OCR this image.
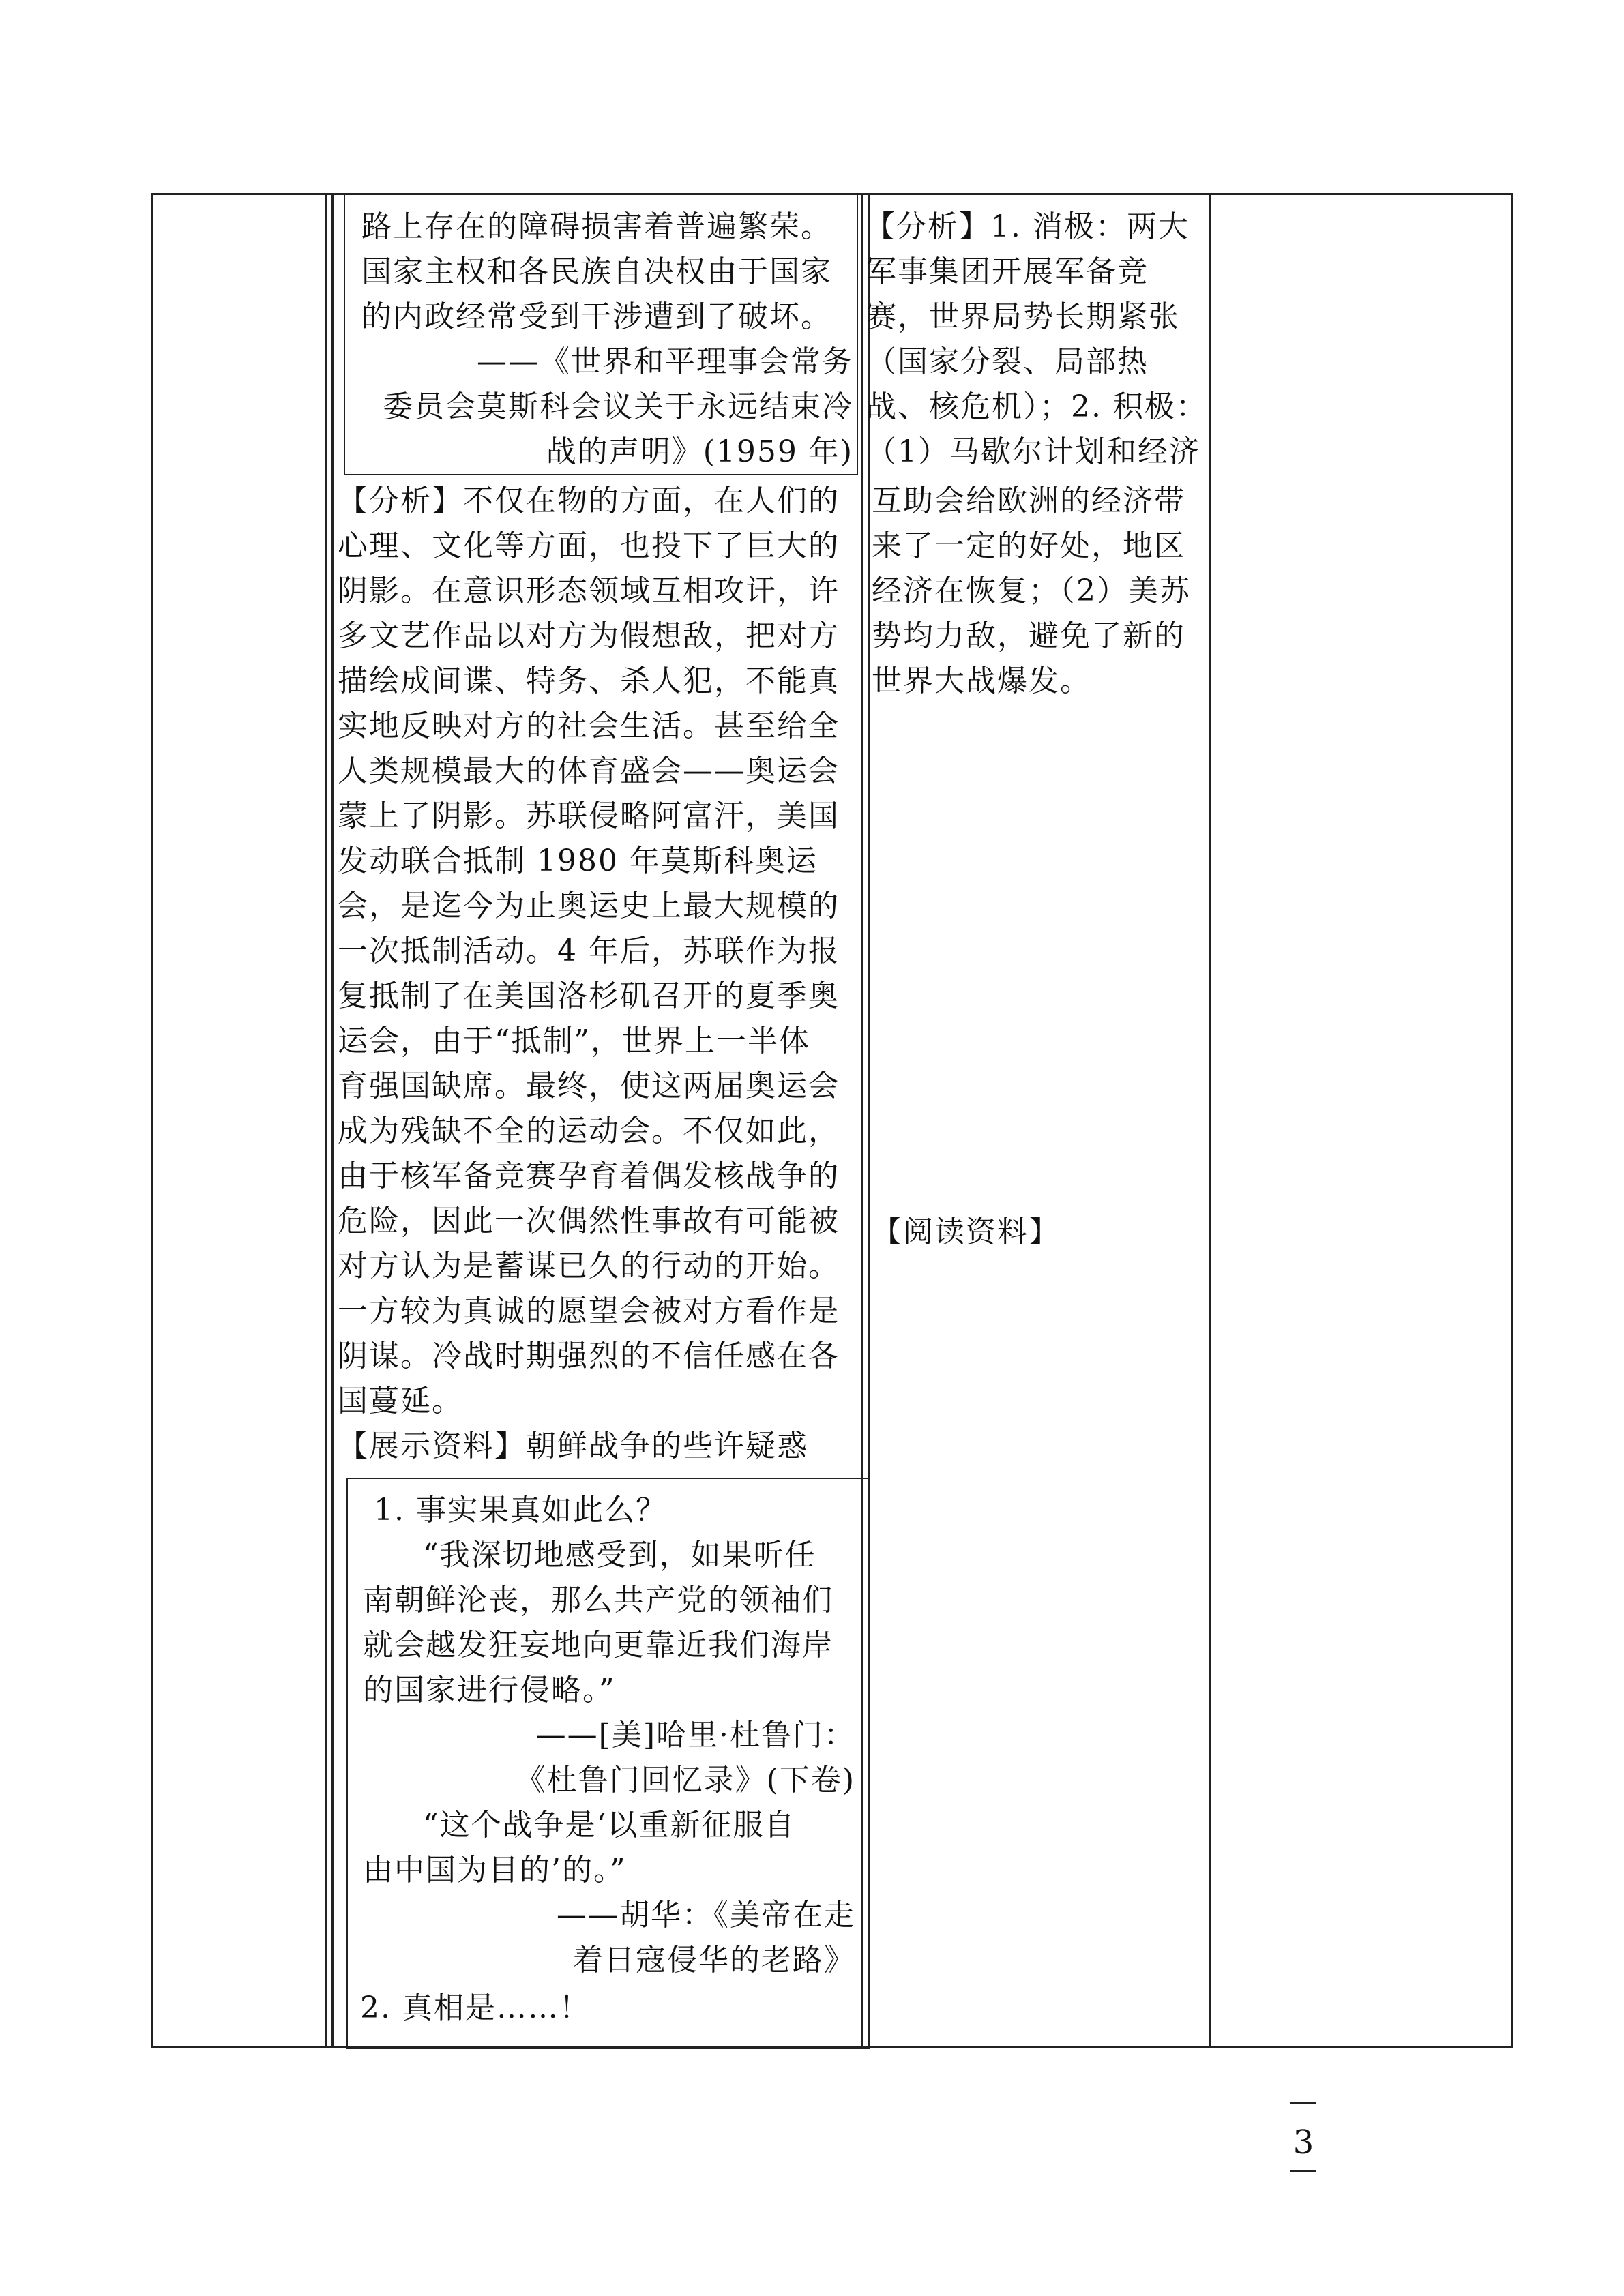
路上存在的障碍损害着普遍繁荣。
国家主权和各民族自决权由于国家
的内政经常受到干涉遭到了破坏。
——《世界和平理事会常务
委员会莫斯科会议关于永远结束冷
战的声明》(1959 年)
【分析】不仅在物的方面，在人们的
心理、文化等方面，也投下了巨大的
阴影。在意识形态领域互相攻讦，许
多文艺作品以对方为假想敌，把对方
描绘成间谍、特务、杀人犯，不能真
实地反映对方的社会生活。甚至给全
人类规模最大的体育盛会——奥运会
蒙上了阴影。苏联侵略阿富汗，美国
发动联合抵制 1980 年莫斯科奥运
会，是迄今为止奥运史上最大规模的
一次抵制活动。4 年后，苏联作为报
复抵制了在美国洛杉矶召开的夏季奥
运会，由于“抵制”，世界上一半体
育强国缺席。最终，使这两届奥运会
成为残缺不全的运动会。不仅如此，
由于核军备竞赛孕育着偶发核战争的
危险，因此一次偶然性事故有可能被
对方认为是蓄谋已久的行动的开始。
一方较为真诚的愿望会被对方看作是
阴谋。冷战时期强烈的不信任感在各
国蔓延。
【展示资料】朝鲜战争的些许疑惑
1. 事实果真如此么？
“我深切地感受到，如果听任
南朝鲜沦丧，那么共产党的领袖们
就会越发狂妄地向更靠近我们海岸
的国家进行侵略。”
——[美]哈里·杜鲁门：
《杜鲁门回忆录》(下卷)
“这个战争是‘以重新征服自
由中国为目的’的。”
——胡华：《美帝在走
着日寇侵华的老路》
2. 真相是……！
【分析】1. 消极：两大
军事集团开展军备竞
赛，世界局势长期紧张
（国家分裂、局部热
战、核危机）；2. 积极：
（1）马歇尔计划和经济
互助会给欧洲的经济带
来了一定的好处，地区
经济在恢复；（2）美苏
势均力敌，避免了新的
世界大战爆发。
【阅读资料】
3
